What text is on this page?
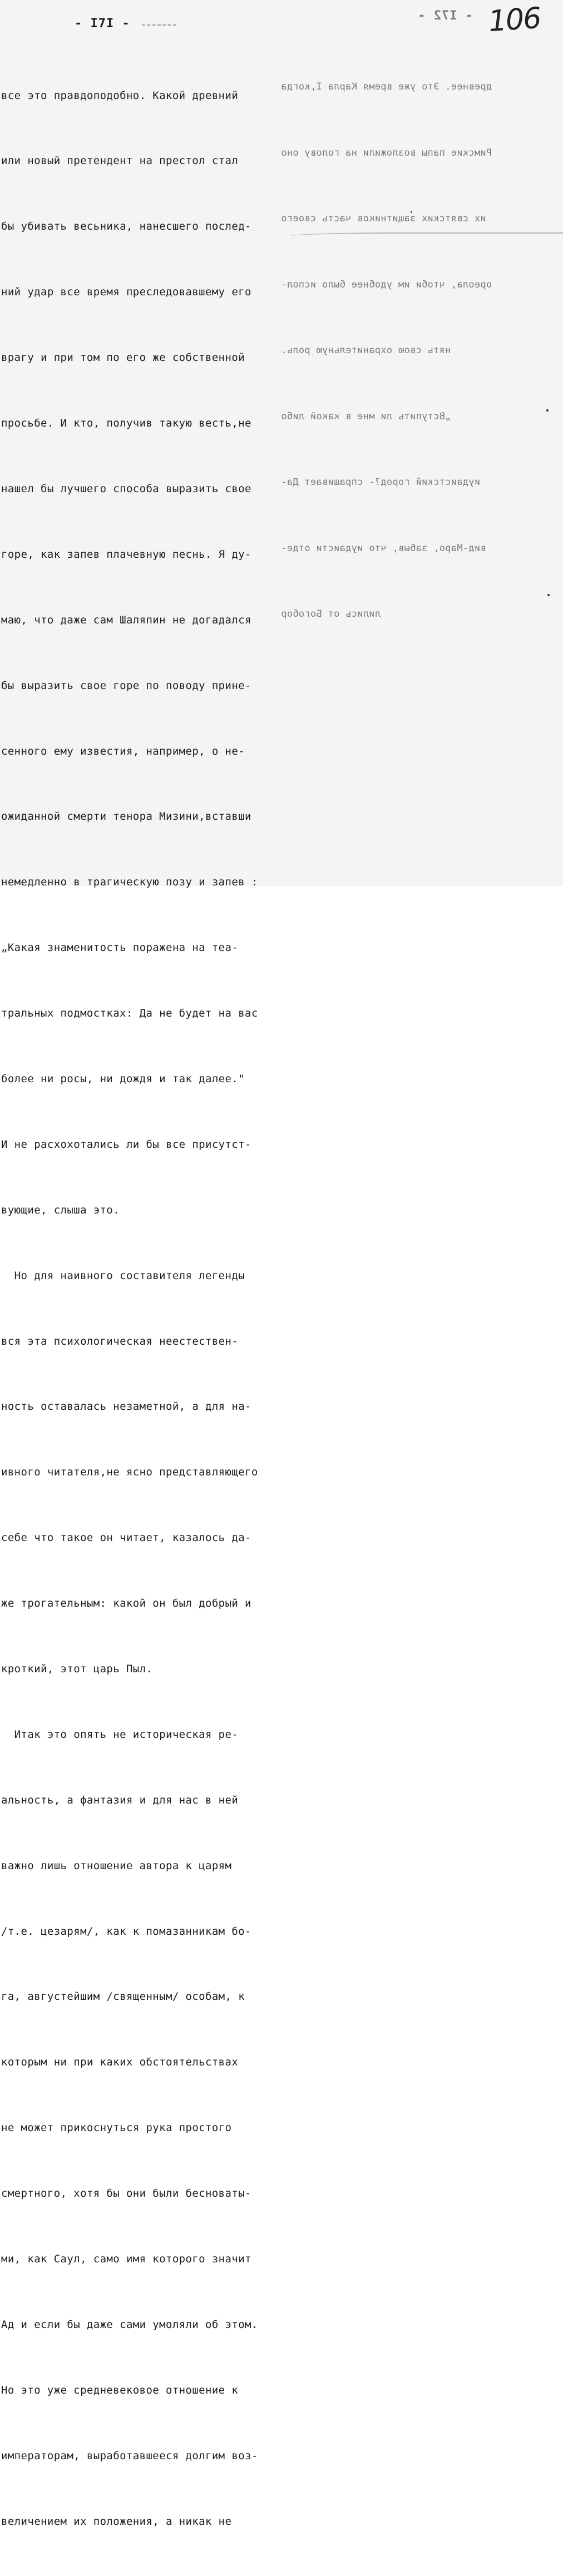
- I72 -

древнее. Это уже время Карла I,когда

Римские папы возложили на голову оно

их святских защитников часть своего

ореола, чтоби им удобнее было испол-

нять свою охранительную роль.

„Вступить ли мне в какой либо

иудаистский город?- спрашивает Да-

вид-Маро, забыв, что иудаисти отде-

лились от Богобор

106
- I7I -

все это правдоподобно. Какой древний

или новый претендент на престол стал

бы убивать весьника, нанесшего послед-

ний удар все время преследовавшему его

врагу и при том по его же собственной

просьбе. И кто, получив такую весть,не

нашел бы лучшего способа выразить свое

горе, как запев плачевную песнь. Я ду-

маю, что даже сам Шаляпин не догадался

бы выразить свое горе по поводу прине-

сенного ему известия, например, о не-

ожиданной смерти тенора Мизини,вставши

немедленно в трагическую позу и запев :

„Какая знаменитость поражена на теа-

тральных подмостках: Да не будет на вас

более ни росы, ни дождя и так далее."

И не расхохотались ли бы все присутст-

вующие, слыша это.

Но для наивного составителя легенды

вся эта психологическая неестествен-

ность оставалась незаметной, а для на-

ивного читателя,не ясно представляющего

себе что такое он читает, казалось да-

же трогательным: какой он был добрый и

кроткий, этот царь Пыл.

Итак это опять не историческая ре-

альность, а фантазия и для нас в ней

важно лишь отношение автора к царям

/т.е. цезарям/, как к помазанникам бо-

га, августейшим /священным/ особам, к

которым ни при каких обстоятельствах

не может прикоснуться рука простого

смертного, хотя бы они были бесноваты-

ми, как Саул, само имя которого значит

Ад и если бы даже сами умоляли об этом.

Но это уже средневековое отношение к

императорам, выработавшееся долгим воз-

величением их положения, а никак не
